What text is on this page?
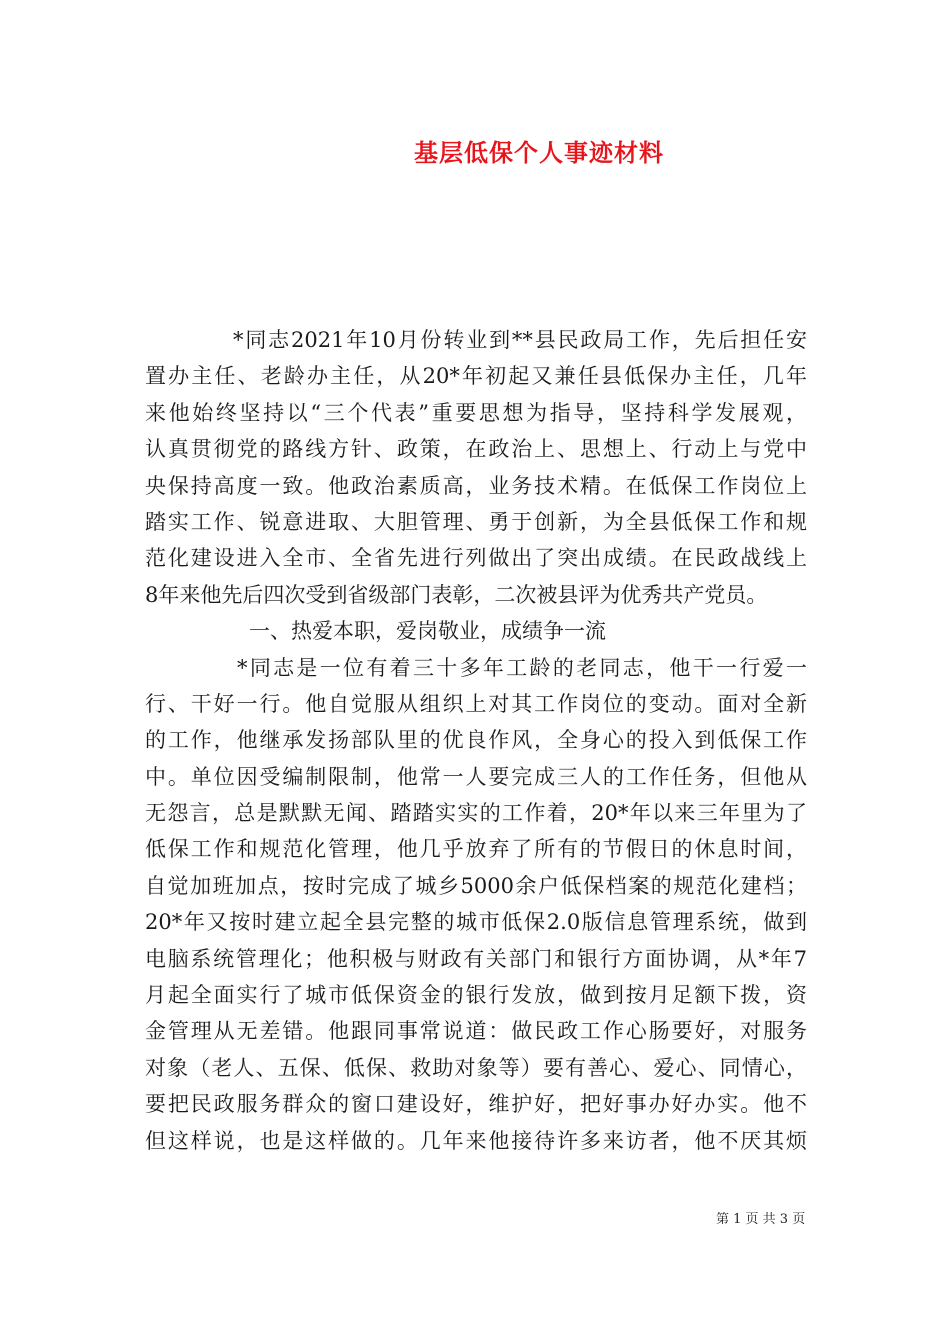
基层低保个人事迹材料
*同志2021年10月份转业到**县民政局工作，先后担任安
置办主任、老龄办主任，从20*年初起又兼任县低保办主任，几年
来他始终坚持以“三个代表”重要思想为指导，坚持科学发展观，
认真贯彻党的路线方针、政策，在政治上、思想上、行动上与党中
央保持高度一致。他政治素质高，业务技术精。在低保工作岗位上
踏实工作、锐意进取、大胆管理、勇于创新，为全县低保工作和规
范化建设进入全市、全省先进行列做出了突出成绩。在民政战线上
8年来他先后四次受到省级部门表彰，二次被县评为优秀共产党员。
一、热爱本职，爱岗敬业，成绩争一流
*同志是一位有着三十多年工龄的老同志，他干一行爱一
行、干好一行。他自觉服从组织上对其工作岗位的变动。面对全新
的工作，他继承发扬部队里的优良作风，全身心的投入到低保工作
中。单位因受编制限制，他常一人要完成三人的工作任务，但他从
无怨言，总是默默无闻、踏踏实实的工作着，20*年以来三年里为了
低保工作和规范化管理，他几乎放弃了所有的节假日的休息时间，
自觉加班加点，按时完成了城乡5000余户低保档案的规范化建档；
20*年又按时建立起全县完整的城市低保2.0版信息管理系统，做到
电脑系统管理化；他积极与财政有关部门和银行方面协调，从*年7
月起全面实行了城市低保资金的银行发放，做到按月足额下拨，资
金管理从无差错。他跟同事常说道：做民政工作心肠要好，对服务
对象（老人、五保、低保、救助对象等）要有善心、爱心、同情心，
要把民政服务群众的窗口建设好，维护好，把好事办好办实。他不
但这样说，也是这样做的。几年来他接待许多来访者，他不厌其烦
第 1 页 共 3 页
